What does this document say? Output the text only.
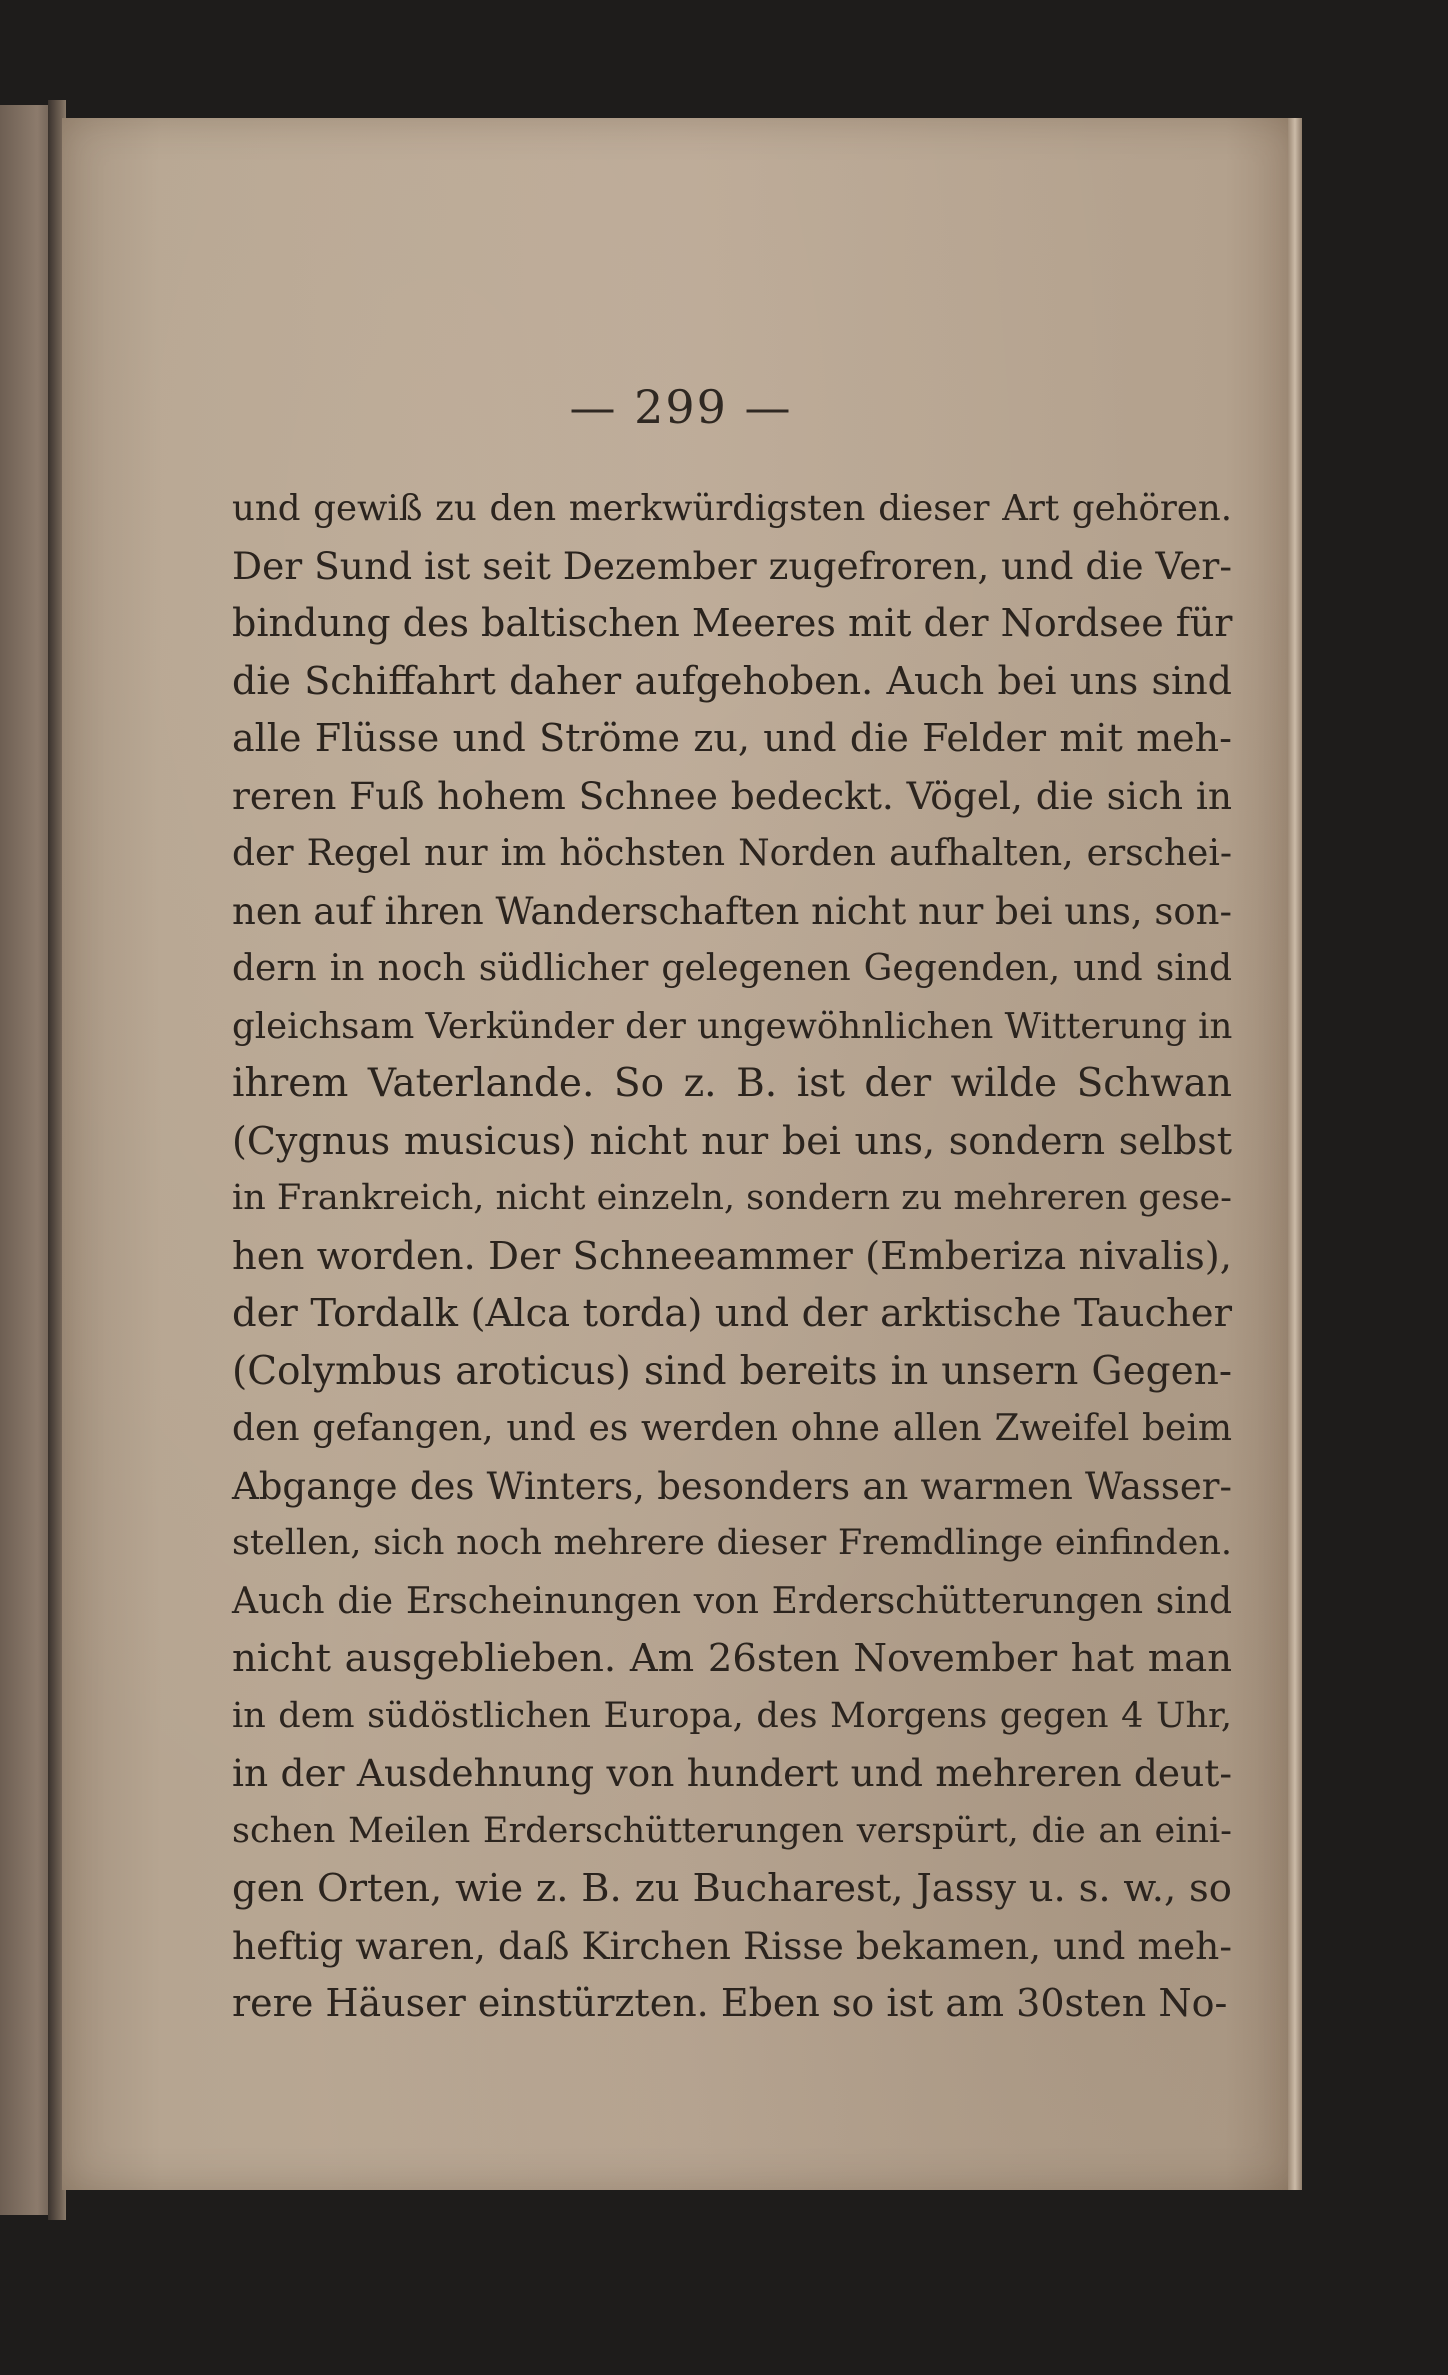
— 299 —
und gewiß zu den merkwürdigsten dieser Art gehören.
Der Sund ist seit Dezember zugefroren, und die Ver-
bindung des baltischen Meeres mit der Nordsee für
die Schiffahrt daher aufgehoben. Auch bei uns sind
alle Flüsse und Ströme zu, und die Felder mit meh-
reren Fuß hohem Schnee bedeckt. Vögel, die sich in
der Regel nur im höchsten Norden aufhalten, erschei-
nen auf ihren Wanderschaften nicht nur bei uns, son-
dern in noch südlicher gelegenen Gegenden, und sind
gleichsam Verkünder der ungewöhnlichen Witterung in
ihrem Vaterlande. So z. B. ist der wilde Schwan
(Cygnus musicus) nicht nur bei uns, sondern selbst
in Frankreich, nicht einzeln, sondern zu mehreren gese-
hen worden. Der Schneeammer (Emberiza nivalis),
der Tordalk (Alca torda) und der arktische Taucher
(Colymbus aroticus) sind bereits in unsern Gegen-
den gefangen, und es werden ohne allen Zweifel beim
Abgange des Winters, besonders an warmen Wasser-
stellen, sich noch mehrere dieser Fremdlinge einfinden.
Auch die Erscheinungen von Erderschütterungen sind
nicht ausgeblieben. Am 26sten November hat man
in dem südöstlichen Europa, des Morgens gegen 4 Uhr,
in der Ausdehnung von hundert und mehreren deut-
schen Meilen Erderschütterungen verspürt, die an eini-
gen Orten, wie z. B. zu Bucharest, Jassy u. s. w., so
heftig waren, daß Kirchen Risse bekamen, und meh-
rere Häuser einstürzten. Eben so ist am 30sten No-
